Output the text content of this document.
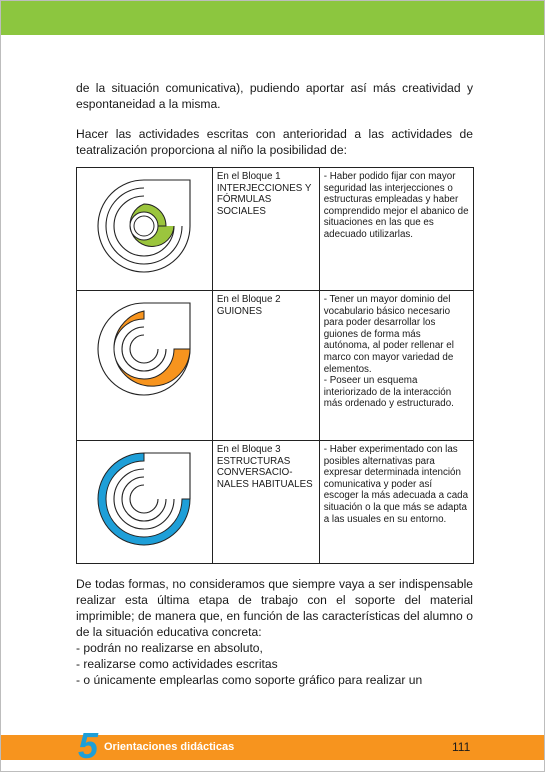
de la situación comunicativa), pudiendo aportar así más creatividad y espontaneidad a la misma.

Hacer las actividades escritas con anterioridad a las actividades de teatralización proporciona al niño la posibilidad de:

En el Bloque 1
INTERJECCIONES Y FÓRMULAS SOCIALES	- Haber podido fijar con mayor seguridad las interjecciones o estructuras empleadas y haber comprendido mejor el abanico de situaciones en las que es adecuado utilizarlas.

En el Bloque 2
GUIONES	- Tener un mayor dominio del vocabulario básico necesario para poder desarrollar los guiones de forma más autónoma, al poder rellenar el marco con mayor variedad de elementos.
- Poseer un esquema interiorizado de la interacción más ordenado y estructurado.

En el Bloque 3
ESTRUCTURAS CONVERSACIO-NALES HABITUALES	- Haber experimentado con las posibles alternativas para expresar determinada intención comunicativa y poder así escoger la más adecuada a cada situación o la que más se adapta a las usuales en su entorno.

De todas formas, no consideramos que siempre vaya a ser indispensable realizar esta última etapa de trabajo con el soporte del material imprimible; de manera que, en función de las características del alumno o de la situación educativa concreta:

- podrán no realizarse en absoluto,
- realizarse como actividades escritas
- o únicamente emplearlas como soporte gráfico para realizar un
5 Orientaciones didácticas	111
